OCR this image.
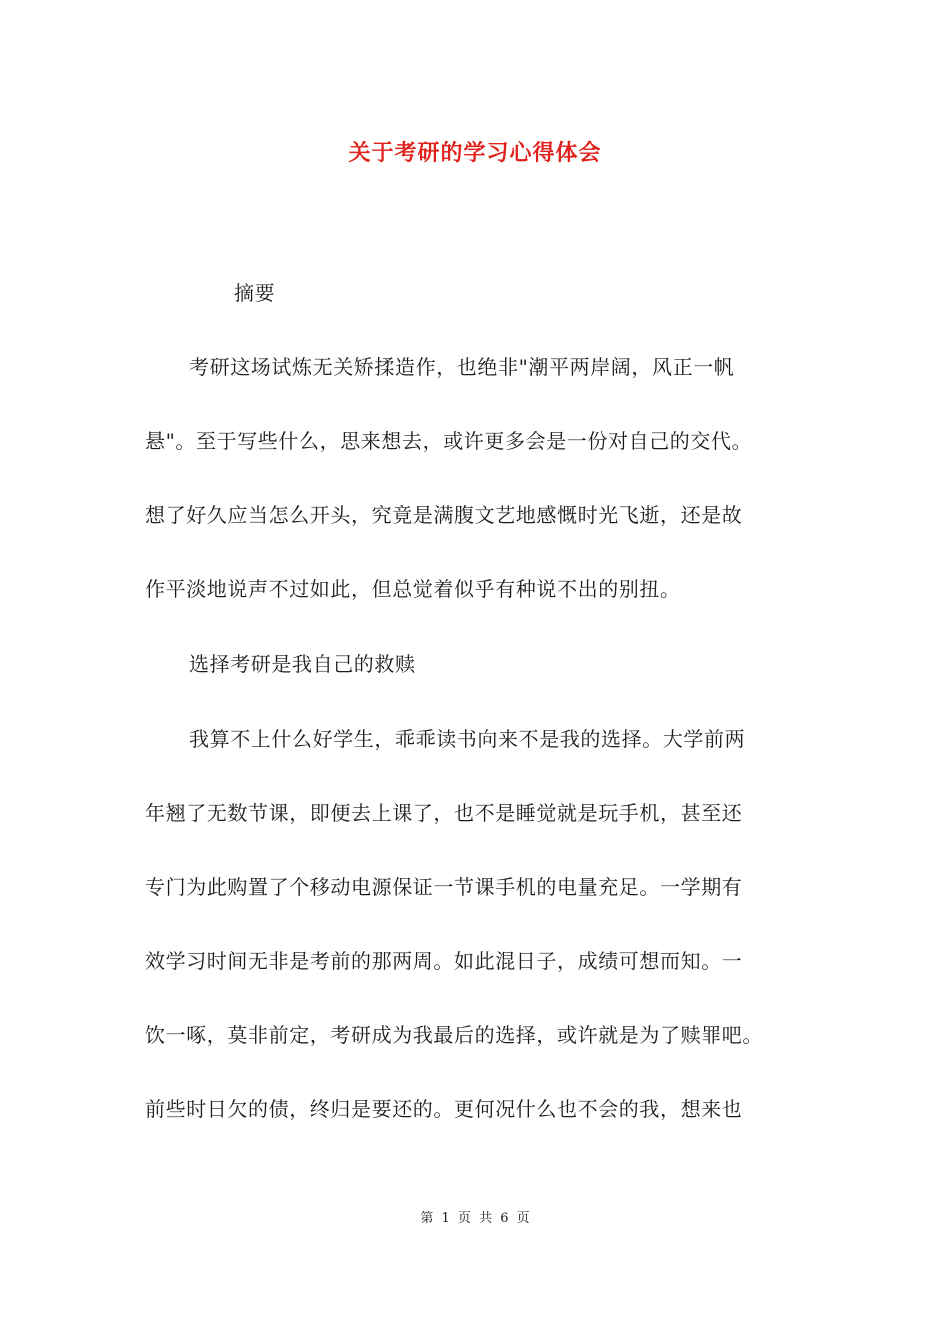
关于考研的学习心得体会
摘要
考研这场试炼无关矫揉造作，也绝非"潮平两岸阔，风正一帆
悬"。至于写些什么，思来想去，或许更多会是一份对自己的交代。
想了好久应当怎么开头，究竟是满腹文艺地感慨时光飞逝，还是故
作平淡地说声不过如此，但总觉着似乎有种说不出的别扭。
选择考研是我自己的救赎
我算不上什么好学生，乖乖读书向来不是我的选择。大学前两
年翘了无数节课，即便去上课了，也不是睡觉就是玩手机，甚至还
专门为此购置了个移动电源保证一节课手机的电量充足。一学期有
效学习时间无非是考前的那两周。如此混日子，成绩可想而知。一
饮一啄，莫非前定，考研成为我最后的选择，或许就是为了赎罪吧。
前些时日欠的债，终归是要还的。更何况什么也不会的我，想来也
第 1 页 共 6 页
